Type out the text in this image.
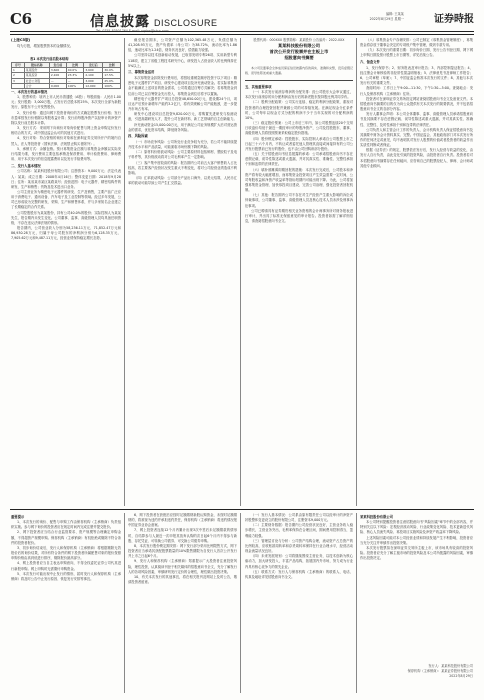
C6	信息披露 DISCLOSURE
Tel: 0755-83501764 E-mail: zqsbw@stcn.com
编辑: 王某某
2022年8月29日 星期一	证券時报
(上接C5版)

均为万股，增加股票资本的金额情况。

表1 本次发行前后股本结构
序号	股东名称	发行前	比例	发行后	比例
1	某某股份	3,600	40.0%	3,600	30.0%
2	某某投资	2,100	23.3%	2,100	17.5%
3	社会公众股	—	—	3,000	25.0%
	合计	9,000	100%	12,000	100%

一、本次发行的基本情况

1、股票种类：境内上市人民币普通股（A股）；每股面值：人民币1.00元；发行股数：3,000万股，占发行后总股本的25%，本次发行全部为新股发行，原股东不公开发售股份。

2、发行价格：通过向网下投资者询价的方式确定股票发行价格；发行市盈率按发行价格除以每股收益计算；发行前每股净资产以经审计的净资产除以发行前总股本计算。

3、发行方式：采用网下向询价对象询价配售与网上资金申购定价发行相结合的方式，或中国证监会认可的其他方式进行。

4、发行对象：符合资格的询价对象和在深圳证券交易所开户的境内自然人、法人等投资者（国家法律、法规禁止购买者除外）。

5、承销方式：余额包销。预计募集资金总额与募集资金净额以实际发行结果为准，发行费用主要包括承销及保荐费用、审计验资费用、律师费用、用于本次发行的信息披露费用以及发行手续费用等。

二、发行人基本情况

公司名称：某某科技股份有限公司；注册资本：9,000万元；法定代表人：某某；成立日期：2008年4月16日；整体变更日期：2018年9月28日；住所：某省某市某区某路某号；经营范围：电子元器件、精密结构件的研发、生产和销售；货物及技术进出口业务。

公司主营业务为精密电子元器件的研发、生产及销售，主要产品广泛应用于消费电子、通讯设备、汽车电子及工业控制等领域。经过多年发展，公司已形成较为完整的研发、采购、生产和销售体系，并与多家知名企业建立了长期稳定的合作关系。

公司控股股东为某某股份，持有公司40.0%的股份；实际控制人为某某先生，报告期内未发生变化。公司董事、监事、高级管理人员均具备任职资格，不存在违反法律法规的情形。

报告期内，公司营业收入分别为58,236.11万元、71,852.47万元和86,930.28万元，归属于母公司股东的净利润分别为6,128.35万元、7,905.62万元和9,487.11万元，经营业绩保持稳定增长态势。

截至报告期末，公司资产总额为102,365.48万元，负债总额为41,208.93万元，资产负债率（母公司）为38.72%，流动比率为1.86倍，速动比率为1.24倍，财务状况良好，偿债能力较强。

公司坚持以技术创新驱动发展，已取得发明专利26项、实用新型专利118项，建立了省级工程技术研究中心，研发投入占营业收入的比例保持在5%以上。

三、募集资金运用

本次募集资金扣除发行费用后，将按轻重缓急顺序投资于以下项目：精密电子元器件扩产项目、研发中心建设项目及补充流动资金。若实际募集资金不能满足上述项目的资金需求，公司将通过自筹方式解决；若募集资金到位前公司已以自筹资金先行投入，募集资金到位后将予以置换。

精密电子元器件扩产项目总投资48,650.00万元，建设期24个月，项目达产后预计新增年产能约3.2亿只，将有效缓解公司产能瓶颈，进一步提升市场占有率。

研发中心建设项目总投资9,820.00万元，将购置先进研发与检测设备，引进高端研发人才，提升公司在新材料、新工艺领域的自主创新能力。

补充流动资金15,000.00万元，用于满足公司业务规模扩大后对营运资金的需求，优化资本结构，降低财务风险。

四、风险因素

（一）市场竞争风险：公司所处行业竞争较为充分，若公司不能持续提升技术水平和产品质量，可能面临市场份额下降的风险。

（二）原材料价格波动风险：公司主要原材料包括铜材、塑胶粒子及电子料件等，其价格波动将对公司毛利率产生一定影响。

（三）客户集中度较高的风险：报告期内公司前五大客户销售收入占比较高，若主要客户经营状况发生重大不利变化，将对公司经营业绩造成不利影响。

（四）汇率波动风险：公司部分产品出口海外，以美元结算，人民币汇率的波动可能导致公司产生汇兑损益。

股票代码：000XXX 股票简称：某某股份 公告编号：2022-0XX
某某科技股份有限公司
首次公开发行股票并在主板上市
招股意向书摘要

本公司及董事会全体成员保证信息披露内容的真实、准确和完整，没有虚假记载、误导性陈述或重大遗漏。

五、其他重要事项

（一）本次发行前滚存利润的分配安排：经公司股东大会审议通过，本次发行前滚存的未分配利润由发行后的新老股东按持股比例共同享有。

（二）股利分配政策：公司实行连续、稳定的利润分配政策，重视对投资者的合理投资回报并兼顾公司的可持续发展。在满足现金分红条件时，公司每年以现金方式分配的利润不少于当年实现的可分配利润的10%。

（三）稳定股价预案：公司上市后三年内，如公司股票连续20个交易日收盘价均低于最近一期经审计的每股净资产，公司及控股股东、董事、高级管理人员将按照预案采取稳定股价措施。

（四）股份锁定承诺：控股股东、实际控制人承诺自公司股票上市之日起三十六个月内，不转让或者委托他人管理其直接或间接持有的公司公开发行股票前已发行的股份，也不由公司回购该部分股份。

（五）关于招股意向书信息披露的承诺：公司承诺招股意向书不存在虚假记载、误导性陈述或重大遗漏，并对其真实性、准确性、完整性承担个别和连带的法律责任。

（六）填补被摊薄即期回报的措施：本次发行完成后，公司股本和净资产将有较大幅度增加，而募集资金投资项目产生效益需要一定时间，公司每股收益和净资产收益率等指标短期内可能出现下降。为此，公司将加强募集资金管理、加快募投项目建设、完善公司治理、强化投资者回报机制。

（七）其他：报告期内公司不存在对生产经营产生重大影响的诉讼或仲裁事项，公司董事、监事、高级管理人员及核心技术人员未涉及刑事诉讼事项。

公司已聘请具有证券期货相关业务资格的会计师事务所对财务报表进行审计，并出具了标准无保留意见的审计报告。投资者如需了解详细信息，请查阅招股意向书全文。

（八）募集资金专户存储安排：公司已制定《募集资金管理制度》，募集资金将存放于董事会决定的专项账户集中管理，做到专款专用。

（九）本次发行的重要日期：初步询价日期、发行公告刊登日期、网下网上申购日期及预计股票上市日期等，详见后续公告。

六、备查文件

1、发行保荐书；2、财务报表及审计报告；3、内部控制鉴证报告；4、经注册会计师核验的非经常性损益明细表；5、法律意见书及律师工作报告；6、公司章程（草案）；7、中国证监会核准本次发行的文件；8、其他与本次发行有关的重要文件。

查阅时间：工作日上午9:00—11:30，下午1:30—5:00。查阅地点：发行人及保荐机构（主承销商）住所。

投资者可在深圳证券交易所指定网站查阅招股意向书全文及备查文件。本招股意向书摘要的目的仅为向公众提供有关本次发行的简要情况，并不包括招股意向书全文的各部分内容。

发行人董事会声明：本公司全体董事、监事、高级管理人员承诺招股意向书及其摘要不存在虚假记载、误导性陈述或重大遗漏，并对其真实性、准确性、完整性、及时性承担个别和连带的法律责任。

公司负责人和主管会计工作的负责人、会计机构负责人保证招股意向书及其摘要中财务会计资料真实、完整。中国证监会、其他政府部门对本次发行所作的任何决定或意见，均不表明其对发行人股票的价值或者投资者的收益作出实质性判断或者保证。

根据《证券法》的规定，股票依法发行后，发行人经营与收益的变化，由发行人自行负责，由此变化引致的投资风险，由投资者自行负责。投资者若对本招股意向书摘要存在任何疑问，应咨询自己的股票经纪人、律师、会计师或其他专业顾问。

重要提示

1、本次发行的询价、配售与申购工作由保荐机构（主承销商）负责组织实施。参与网下询价的投资者应在规定时间内完成注册并提交报价。

2、网下投资者应当结合行业监管要求、资产规模等合理确定申购金额，不得超资产规模申购。保荐机构（主承销商）有权拒绝或剔除不符合条件的投资者报价。

3、初步询价结束后，发行人和保荐机构（主承销商）将根据剔除无效报价后的询价结果，对所有符合条件的网下投资者所属配售对象的报价按照申购价格由高到低进行排序，剔除报价最高部分。

4、网上投资者应当自主表达申购意向，不得全权委托证券公司代其进行新股申购。网上申购时无需缴付申购资金。

5、本次发行可能出现中止发行的情形，届时发行人和保荐机构（主承销商）将及时公告中止发行原因、恢复发行安排等事宜。

6、网下投资者在获配后应按时足额缴纳新股认购资金，未按时足额缴纳的，将被视为违约并承担违约责任，保荐机构（主承销商）将违约情况报中国证券业协会备案。

7、网上投资者连续12个月内累计出现3次中签后未足额缴款的情形时，自结算参与人最近一次申报其放弃认购的次日起6个月内不得参与新股、存托凭证、可转换公司债券、可交换公司债券申购。

8、本次发行股份锁定期安排：网下发行部分采用比例限售方式，网下投资者应当承诺其获配股票数量的10%限售期限为自发行人首次公开发行并上市之日起6个月。

9、发行人和保荐机构（主承销商）郑重提示广大投资者注意投资风险，理性投资，认真阅读刊登于相关媒体的招股意向书全文，充分了解发行人的各项风险因素，审慎研判发行定价的合理性，理性做出投资决策。

10、有关本次发行的其他事宜，将在相关报刊及网站上及时公告，敬请投资者留意。

（一）发行人基本情况：公司系由原有限责任公司以经审计的净资产折股整体变更设立的股份有限公司，注册资本9,000万元。

（二）主要财务数据：报告期内公司经营状况良好，主营业务收入稳步增长，主营业务突出，毛利率保持在合理区间，期间费用控制得当，盈利能力较强。

（三）管理层讨论与分析：公司资产结构合理，流动资产占总资产的比例较高，应收账款周转率和存货周转率保持在行业合理水平，经营活动现金流量状况良好。

（四）未来发展规划：公司将继续围绕主营业务，以技术创新为核心驱动力，加大研发投入，丰富产品结构，拓展国内外市场，努力成为行业内具有核心竞争力的领先企业。

（五）联系方式：发行人与保荐机构（主承销商）的联系人、电话、传真及地址详见招股意向书全文。

某某科技股份有限公司

本公司特别提醒投资者注意招股意向书"风险因素"章节中的全部内容，并特别关注以下风险：宏观经济波动风险、行业政策变化风险、技术更新迭代风险、核心人员流失风险、募投项目实施风险及净资产收益率下降风险。

上述风险因素可能对本公司经营业绩和持续发展产生不利影响，投资者应当充分关注并审慎作出投资决策。

本次发行股票拟在深圳证券交易所主板上市，该市场具有较高的投资风险。投资者应充分了解主板市场的投资风险及本公司所披露的风险因素，审慎作出投资决定。

发行人：某某科技股份有限公司
保荐机构（主承销商）：某某证券股份有限公司
2022年8月29日
